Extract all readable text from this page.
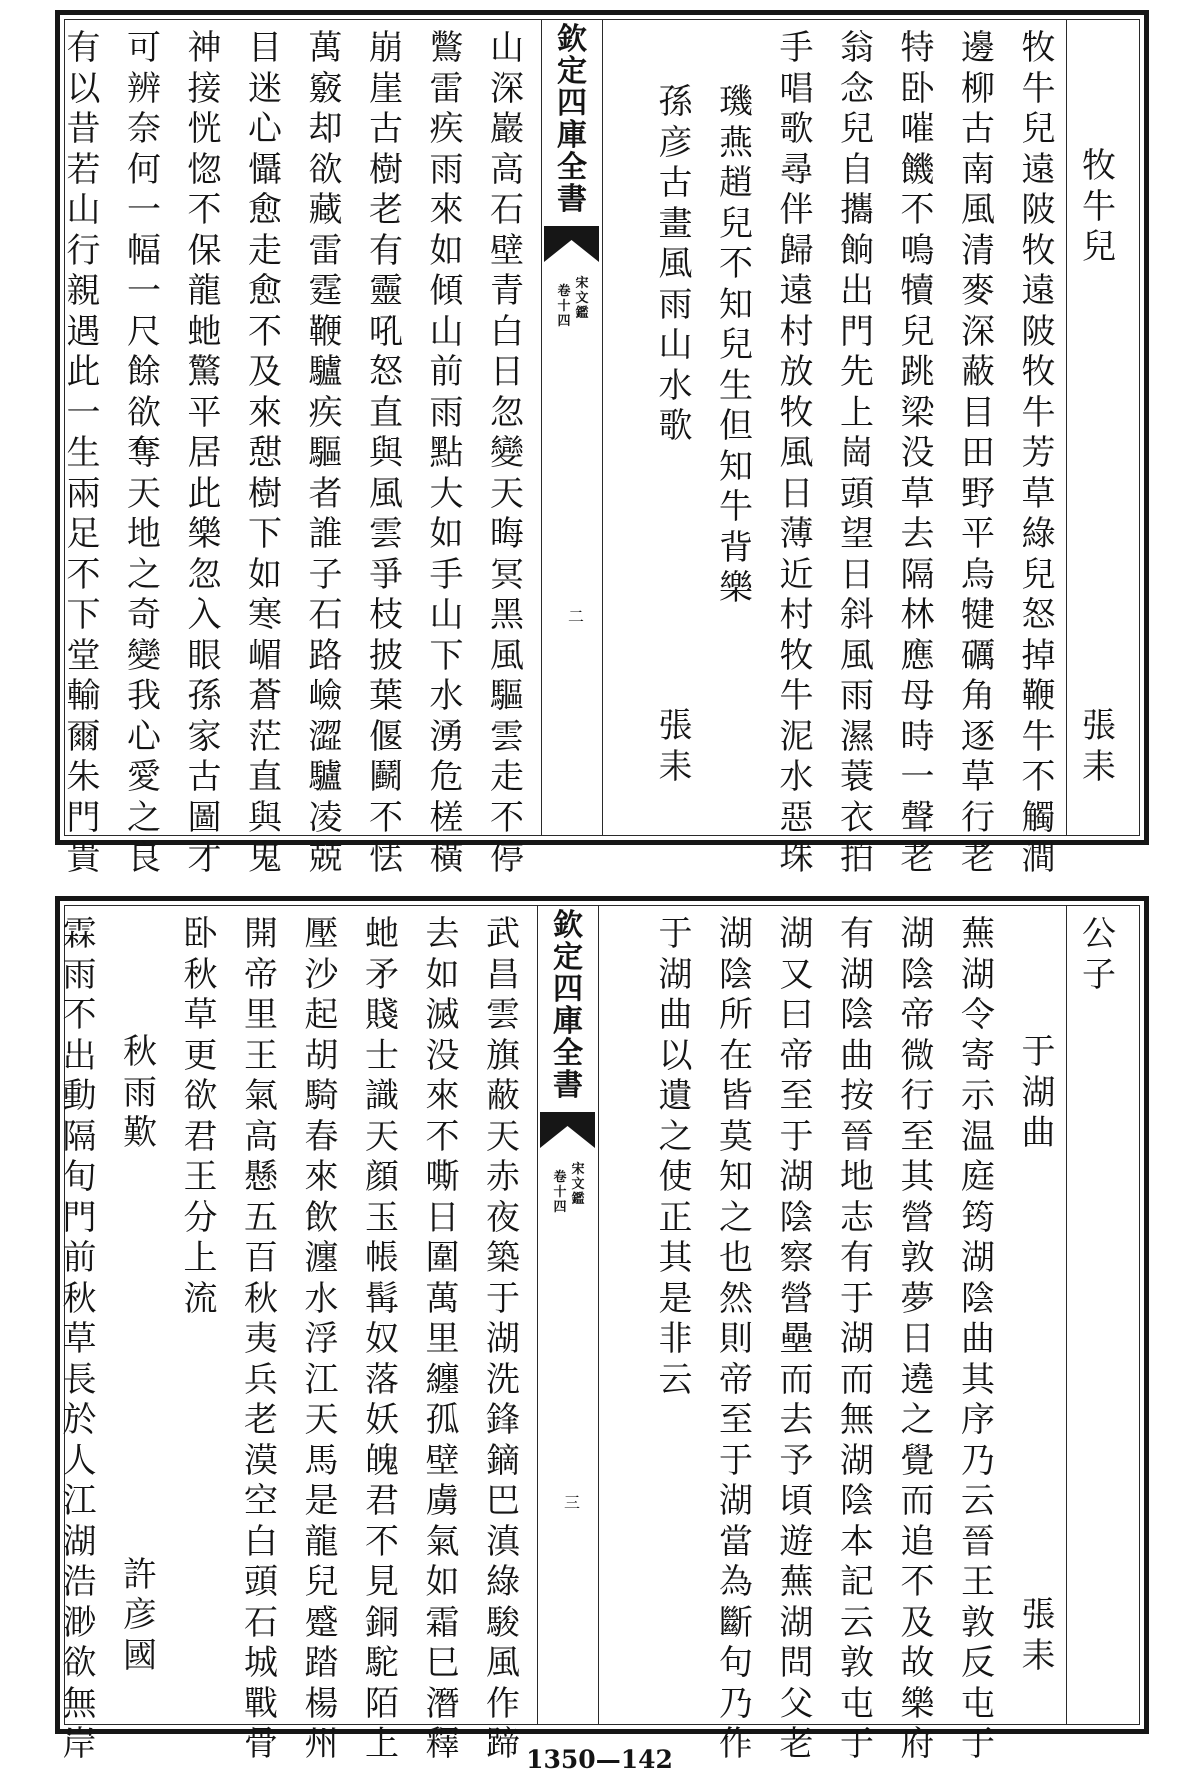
欽
定
四
庫
全
書
宋
文
鑑
卷
十
四
二
牧
牛
兒
張
耒
牧
牛
兒
遠
陂
牧
遠
陂
牧
牛
芳
草
綠
兒
怒
掉
鞭
牛
不
觸
澗
邊
柳
古
南
風
清
麥
深
蔽
目
田
野
平
烏
犍
礪
角
逐
草
行
老
特
卧
嗺
饑
不
鳴
犢
兒
跳
梁
没
草
去
隔
林
應
母
時
一
聲
老
翁
念
兒
自
攜
餉
出
門
先
上
崗
頭
望
日
斜
風
雨
濕
蓑
衣
拍
手
唱
歌
尋
伴
歸
遠
村
放
牧
風
日
薄
近
村
牧
牛
泥
水
惡
珠
璣
燕
趙
兒
不
知
兒
生
但
知
牛
背
樂
孫
彦
古
畫
風
雨
山
水
歌
張
耒
山
深
巖
高
石
壁
青
白
日
忽
變
天
晦
冥
黑
風
驅
雲
走
不
停
鷩
雷
疾
雨
來
如
傾
山
前
雨
點
大
如
手
山
下
水
湧
危
槎
橫
崩
崖
古
樹
老
有
靈
吼
怒
直
與
風
雲
爭
枝
披
葉
偃
鬬
不
怯
萬
竅
却
欲
藏
雷
霆
鞭
驢
疾
驅
者
誰
子
石
路
嶮
澀
驢
凌
兢
目
迷
心
懾
愈
走
愈
不
及
來
憇
樹
下
如
寒
嵋
蒼
茫
直
與
鬼
神
接
恍
惚
不
保
龍
虵
驚
平
居
此
樂
忽
入
眼
孫
家
古
圖
才
可
辨
奈
何
一
幅
一
尺
餘
欲
奪
天
地
之
奇
變
我
心
愛
之
良
有
以
昔
若
山
行
親
遇
此
一
生
兩
足
不
下
堂
輸
爾
朱
門
貴
欽
定
四
庫
全
書
宋
文
鑑
卷
十
四
三
公
子
于
湖
曲
張
耒
蕪
湖
令
寄
示
温
庭
筠
湖
陰
曲
其
序
乃
云
晉
王
敦
反
屯
于
湖
陰
帝
微
行
至
其
營
敦
夢
日
遶
之
覺
而
追
不
及
故
樂
府
有
湖
陰
曲
按
晉
地
志
有
于
湖
而
無
湖
陰
本
記
云
敦
屯
于
湖
又
曰
帝
至
于
湖
陰
察
營
壘
而
去
予
頃
遊
蕪
湖
問
父
老
湖
陰
所
在
皆
莫
知
之
也
然
則
帝
至
于
湖
當
為
斷
句
乃
作
于
湖
曲
以
遺
之
使
正
其
是
非
云
武
昌
雲
旗
蔽
天
赤
夜
築
于
湖
洗
鋒
鏑
巴
滇
綠
駿
風
作
蹄
去
如
滅
没
來
不
嘶
日
圍
萬
里
纏
孤
壁
虜
氣
如
霜
巳
潛
釋
虵
矛
賤
士
識
天
顔
玉
帳
髯
奴
落
妖
魄
君
不
見
銅
駝
陌
上
壓
沙
起
胡
騎
春
來
飲
瀍
水
浮
江
天
馬
是
龍
兒
蹙
踏
楊
州
開
帝
里
王
氣
高
懸
五
百
秋
夷
兵
老
漠
空
白
頭
石
城
戰
骨
卧
秋
草
更
欲
君
王
分
上
流
秋
雨
歎
許
彦
國
霖
雨
不
出
動
隔
旬
門
前
秋
草
長
於
人
江
湖
浩
渺
欲
無
岸	1350—142
